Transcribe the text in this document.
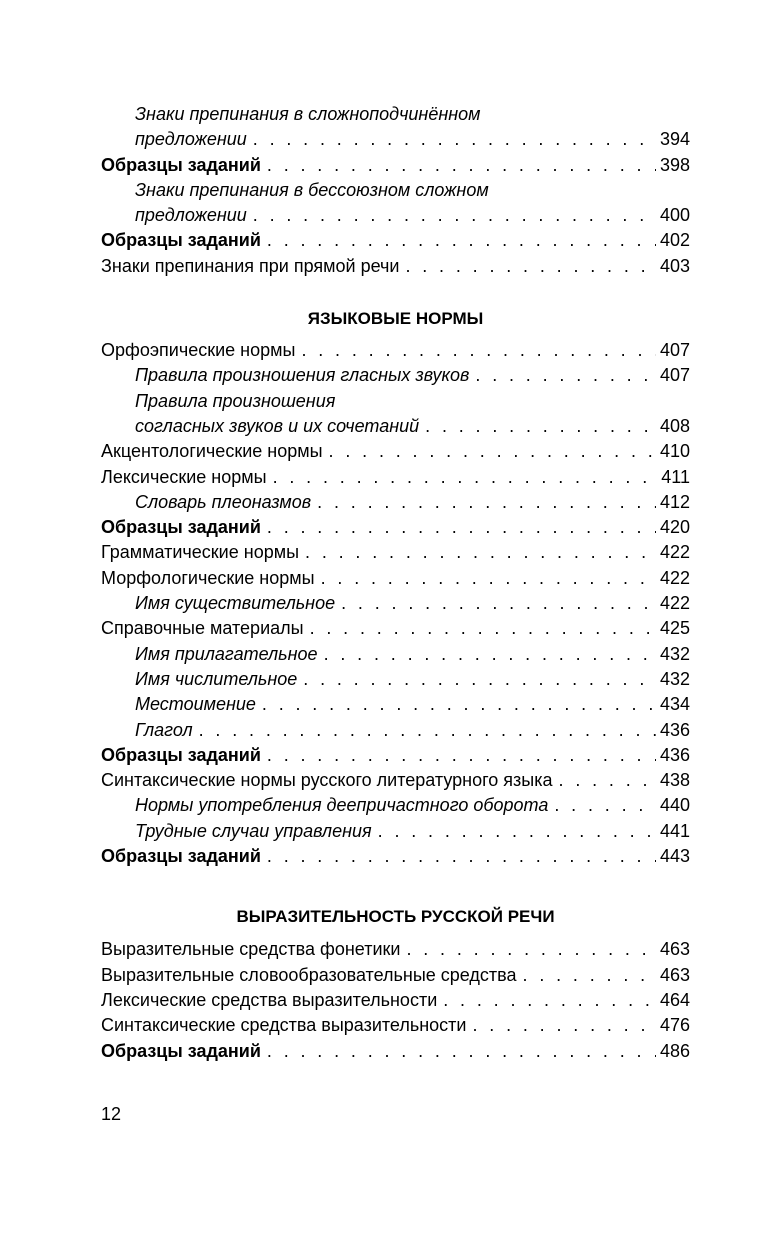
Знаки препинания в сложноподчинённом
предложении . . .	394
Образцы заданий . . .	398
Знаки препинания в бессоюзном сложном
предложении . . .	400
Образцы заданий . . .	402
Знаки препинания при прямой речи . . .	403
ЯЗЫКОВЫЕ НОРМЫ
Орфоэпические нормы . . .	407
Правила произношения гласных звуков . . .	407
Правила произношения
согласных звуков и их сочетаний . . .	408
Акцентологические нормы . . .	410
Лексические нормы . . .	411
Словарь плеоназмов . . .	412
Образцы заданий . . .	420
Грамматические нормы . . .	422
Морфологические нормы . . .	422
Имя существительное . . .	422
Справочные материалы . . .	425
Имя прилагательное . . .	432
Имя числительное . . .	432
Местоимение . . .	434
Глагол . . .	436
Образцы заданий . . .	436
Синтаксические нормы русского литературного языка . . .	438
Нормы употребления деепричастного оборота . . .	440
Трудные случаи управления . . .	441
Образцы заданий . . .	443
ВЫРАЗИТЕЛЬНОСТЬ РУССКОЙ РЕЧИ
Выразительные средства фонетики . . .	463
Выразительные словообразовательные средства . . .	463
Лексические средства выразительности . . .	464
Синтаксические средства выразительности . . .	476
Образцы заданий . . .	486
12
